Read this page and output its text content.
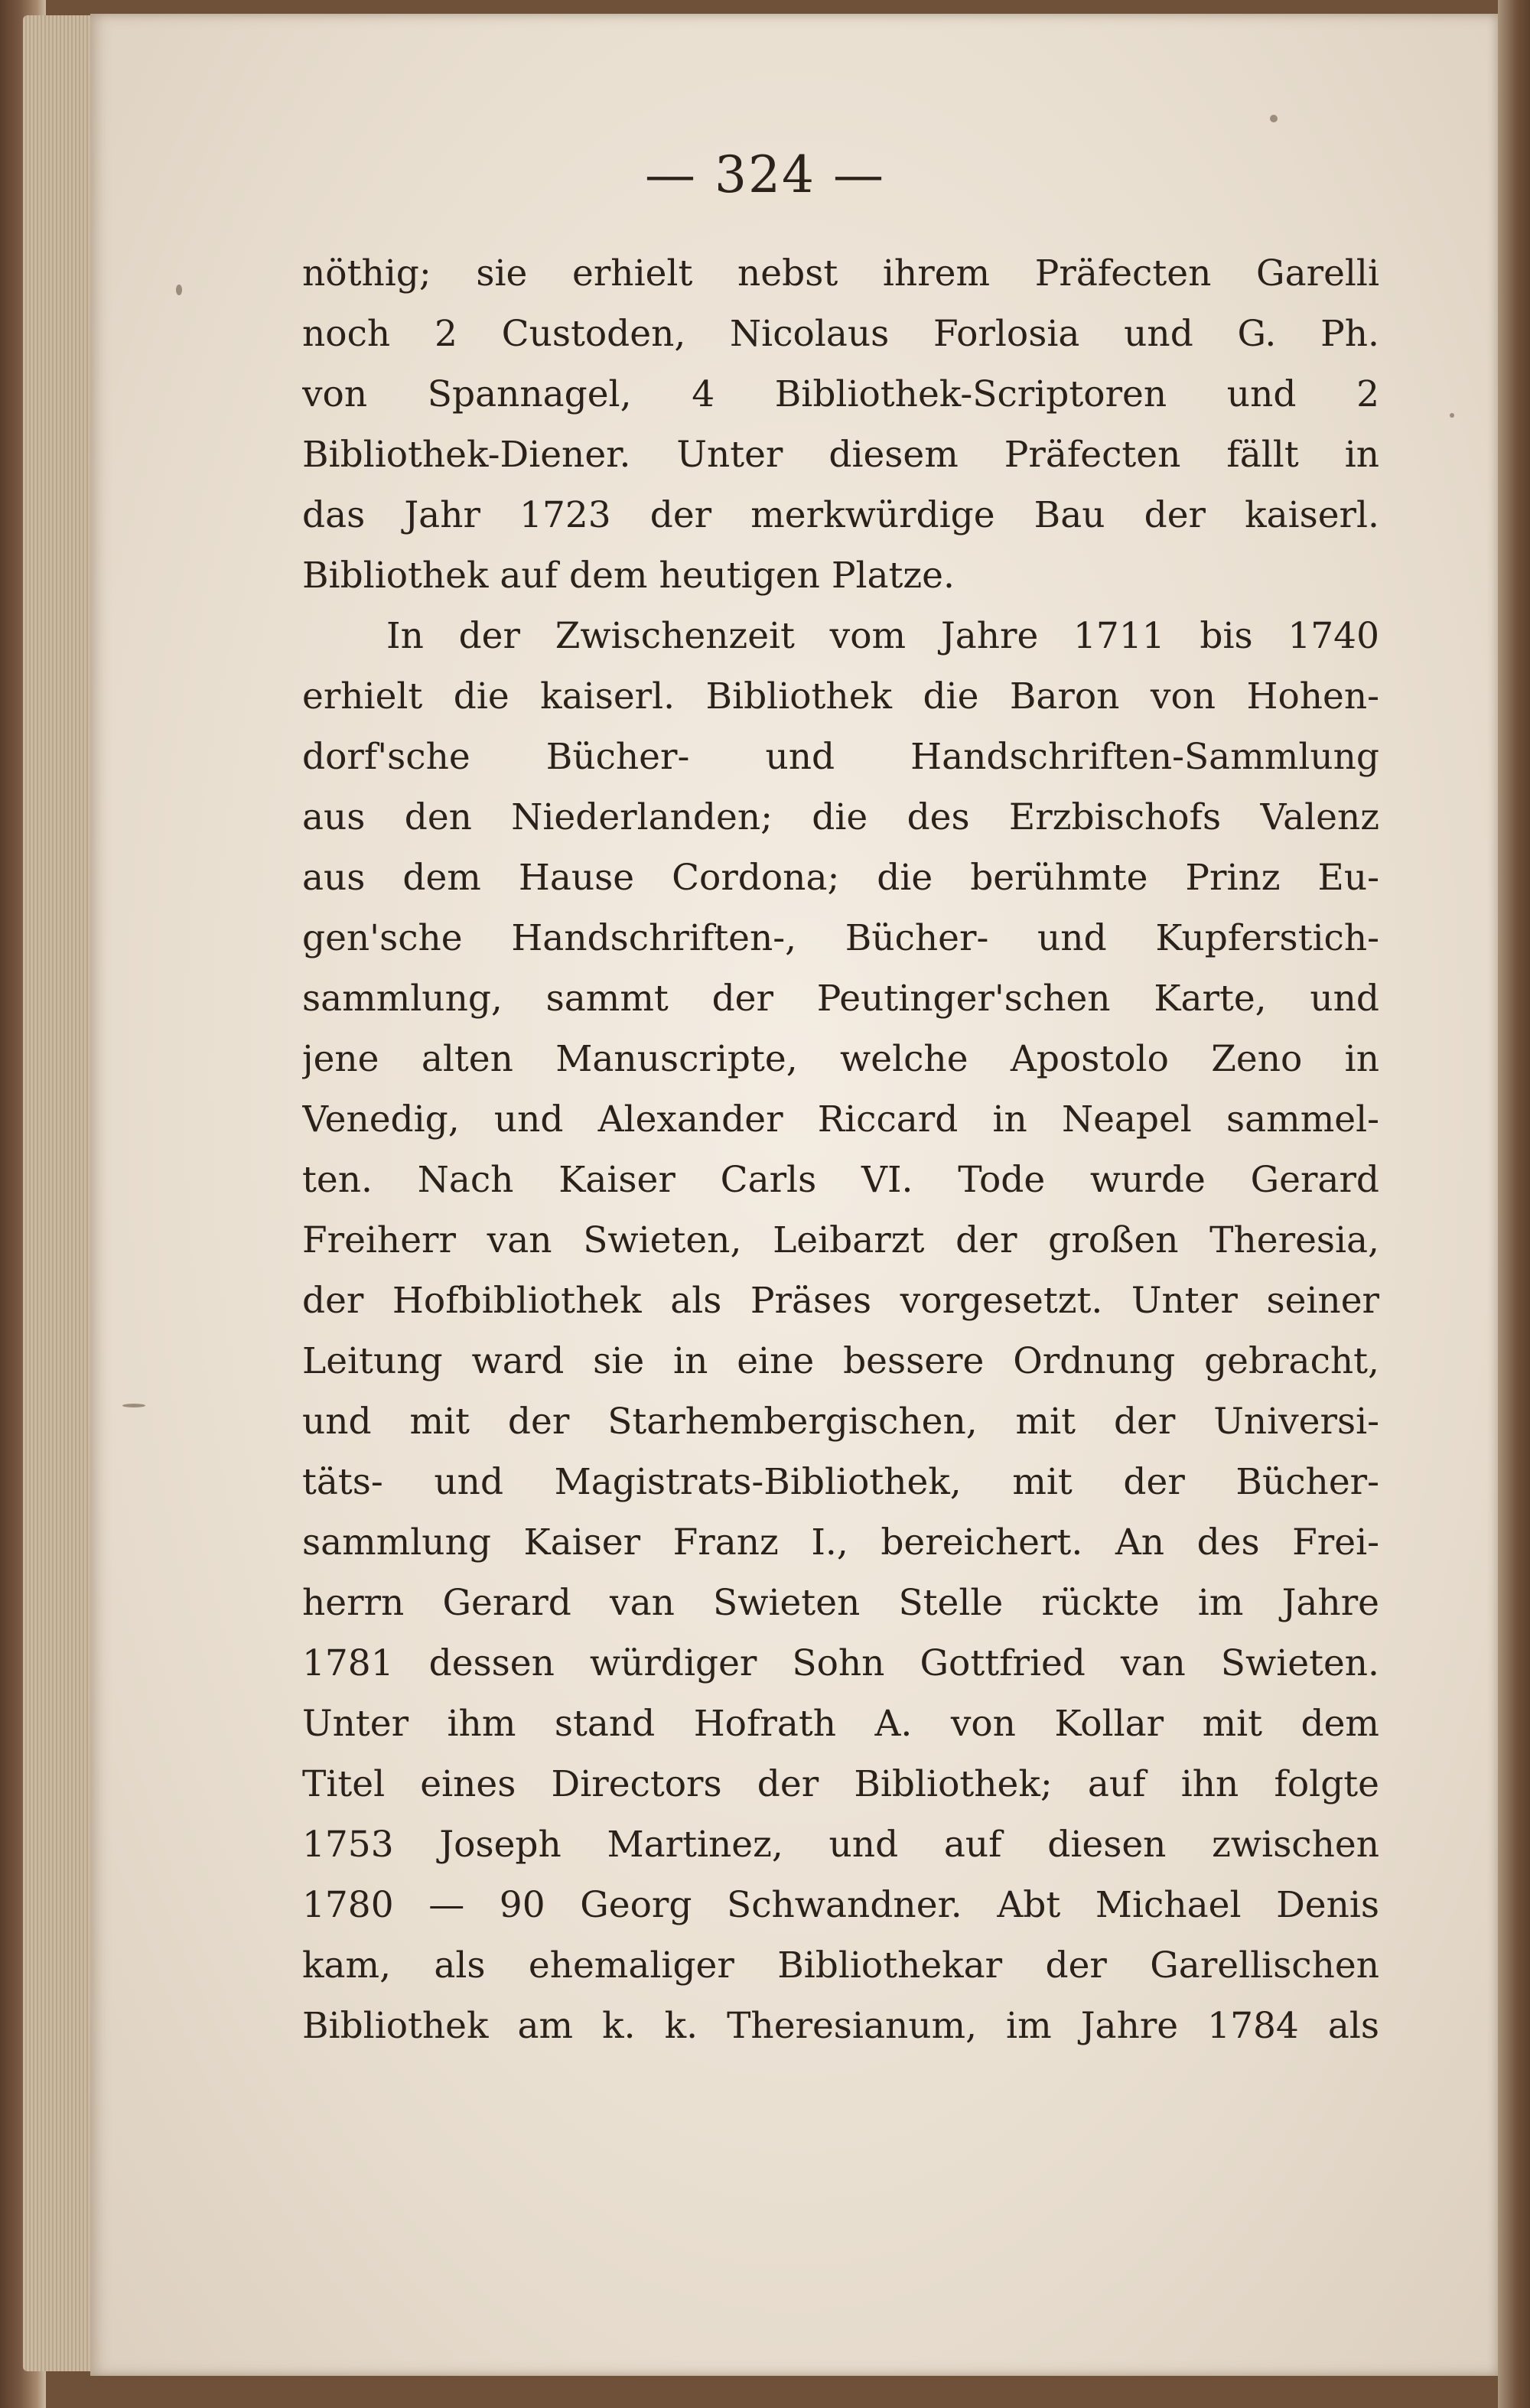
— 324 —
nöthig; sie erhielt nebst ihrem Präfecten Garelli
noch 2 Custoden, Nicolaus Forlosia und G. Ph.
von Spannagel, 4 Bibliothek-Scriptoren und 2
Bibliothek-Diener. Unter diesem Präfecten fällt in
das Jahr 1723 der merkwürdige Bau der kaiserl.
Bibliothek auf dem heutigen Platze.
In der Zwischenzeit vom Jahre 1711 bis 1740
erhielt die kaiserl. Bibliothek die Baron von Hohen-
dorf'sche Bücher- und Handschriften-Sammlung
aus den Niederlanden; die des Erzbischofs Valenz
aus dem Hause Cordona; die berühmte Prinz Eu-
gen'sche Handschriften-, Bücher- und Kupferstich-
sammlung, sammt der Peutinger'schen Karte, und
jene alten Manuscripte, welche Apostolo Zeno in
Venedig, und Alexander Riccard in Neapel sammel-
ten. Nach Kaiser Carls VI. Tode wurde Gerard
Freiherr van Swieten, Leibarzt der großen Theresia,
der Hofbibliothek als Präses vorgesetzt. Unter seiner
Leitung ward sie in eine bessere Ordnung gebracht,
und mit der Starhembergischen, mit der Universi-
täts- und Magistrats-Bibliothek, mit der Bücher-
sammlung Kaiser Franz I., bereichert. An des Frei-
herrn Gerard van Swieten Stelle rückte im Jahre
1781 dessen würdiger Sohn Gottfried van Swieten.
Unter ihm stand Hofrath A. von Kollar mit dem
Titel eines Directors der Bibliothek; auf ihn folgte
1753 Joseph Martinez, und auf diesen zwischen
1780 — 90 Georg Schwandner. Abt Michael Denis
kam, als ehemaliger Bibliothekar der Garellischen
Bibliothek am k. k. Theresianum, im Jahre 1784 als
